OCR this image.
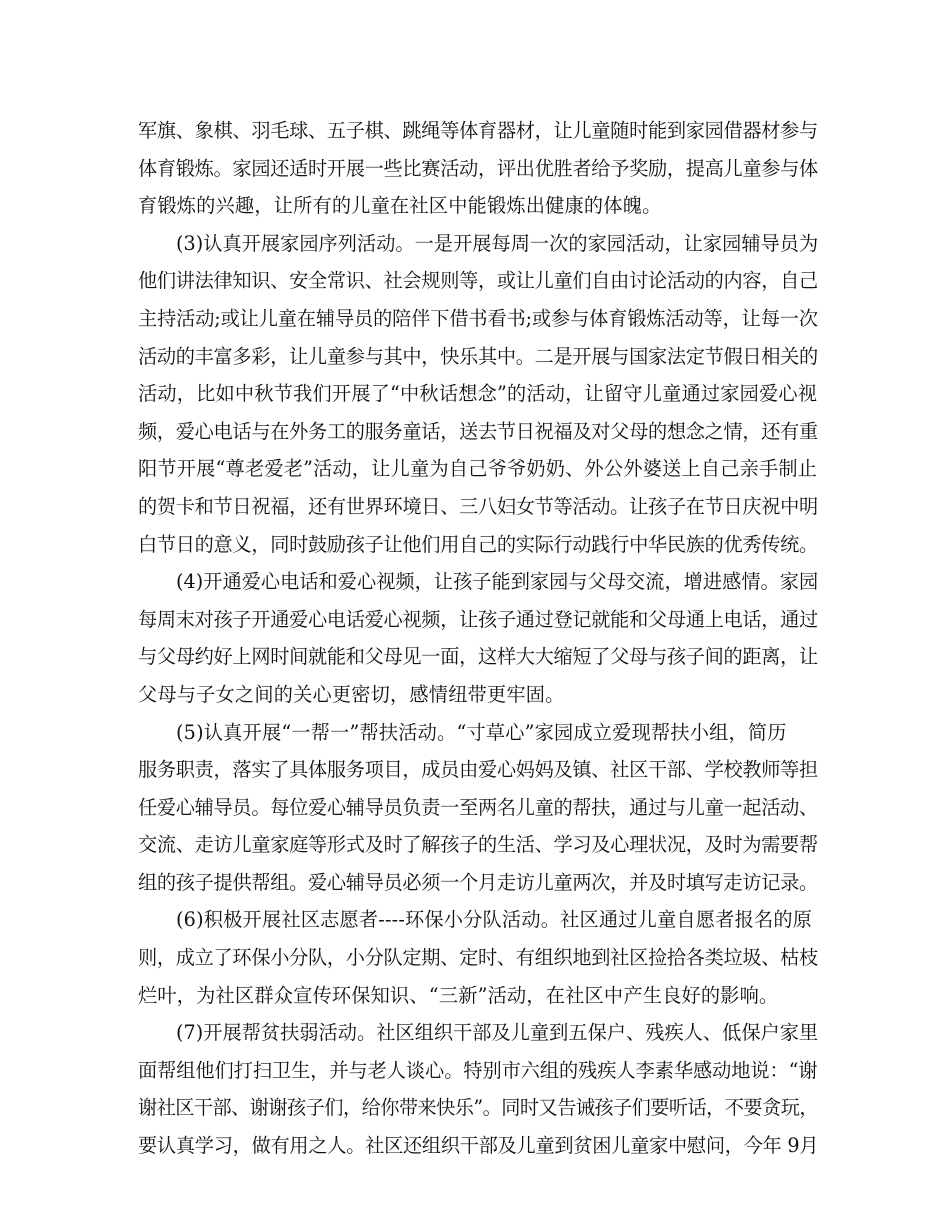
军旗、象棋、羽毛球、五子棋、跳绳等体育器材，让儿童随时能到家园借器材参与
体育锻炼。家园还适时开展一些比赛活动，评出优胜者给予奖励，提高儿童参与体
育锻炼的兴趣，让所有的儿童在社区中能锻炼出健康的体魄。
(3)认真开展家园序列活动。一是开展每周一次的家园活动，让家园辅导员为
他们讲法律知识、安全常识、社会规则等，或让儿童们自由讨论活动的内容，自己
主持活动;或让儿童在辅导员的陪伴下借书看书;或参与体育锻炼活动等，让每一次
活动的丰富多彩，让儿童参与其中，快乐其中。二是开展与国家法定节假日相关的
活动，比如中秋节我们开展了“中秋话想念”的活动，让留守儿童通过家园爱心视
频，爱心电话与在外务工的服务童话，送去节日祝福及对父母的想念之情，还有重
阳节开展“尊老爱老”活动，让儿童为自己爷爷奶奶、外公外婆送上自己亲手制止
的贺卡和节日祝福，还有世界环境日、三八妇女节等活动。让孩子在节日庆祝中明
白节日的意义，同时鼓励孩子让他们用自己的实际行动践行中华民族的优秀传统。
(4)开通爱心电话和爱心视频，让孩子能到家园与父母交流，增进感情。家园
每周末对孩子开通爱心电话爱心视频，让孩子通过登记就能和父母通上电话，通过
与父母约好上网时间就能和父母见一面，这样大大缩短了父母与孩子间的距离，让
父母与子女之间的关心更密切，感情纽带更牢固。
(5)认真开展“一帮一”帮扶活动。“寸草心”家园成立爱现帮扶小组，简历
服务职责，落实了具体服务项目，成员由爱心妈妈及镇、社区干部、学校教师等担
任爱心辅导员。每位爱心辅导员负责一至两名儿童的帮扶，通过与儿童一起活动、
交流、走访儿童家庭等形式及时了解孩子的生活、学习及心理状况，及时为需要帮
组的孩子提供帮组。爱心辅导员必须一个月走访儿童两次，并及时填写走访记录。
(6)积极开展社区志愿者----环保小分队活动。社区通过儿童自愿者报名的原
则，成立了环保小分队，小分队定期、定时、有组织地到社区捡拾各类垃圾、枯枝
烂叶，为社区群众宣传环保知识、“三新”活动，在社区中产生良好的影响。
(7)开展帮贫扶弱活动。社区组织干部及儿童到五保户、残疾人、低保户家里
面帮组他们打扫卫生，并与老人谈心。特别市六组的残疾人李素华感动地说：“谢
谢社区干部、谢谢孩子们，给你带来快乐”。同时又告诫孩子们要听话，不要贪玩，
要认真学习，做有用之人。社区还组织干部及儿童到贫困儿童家中慰问，今年 9月
